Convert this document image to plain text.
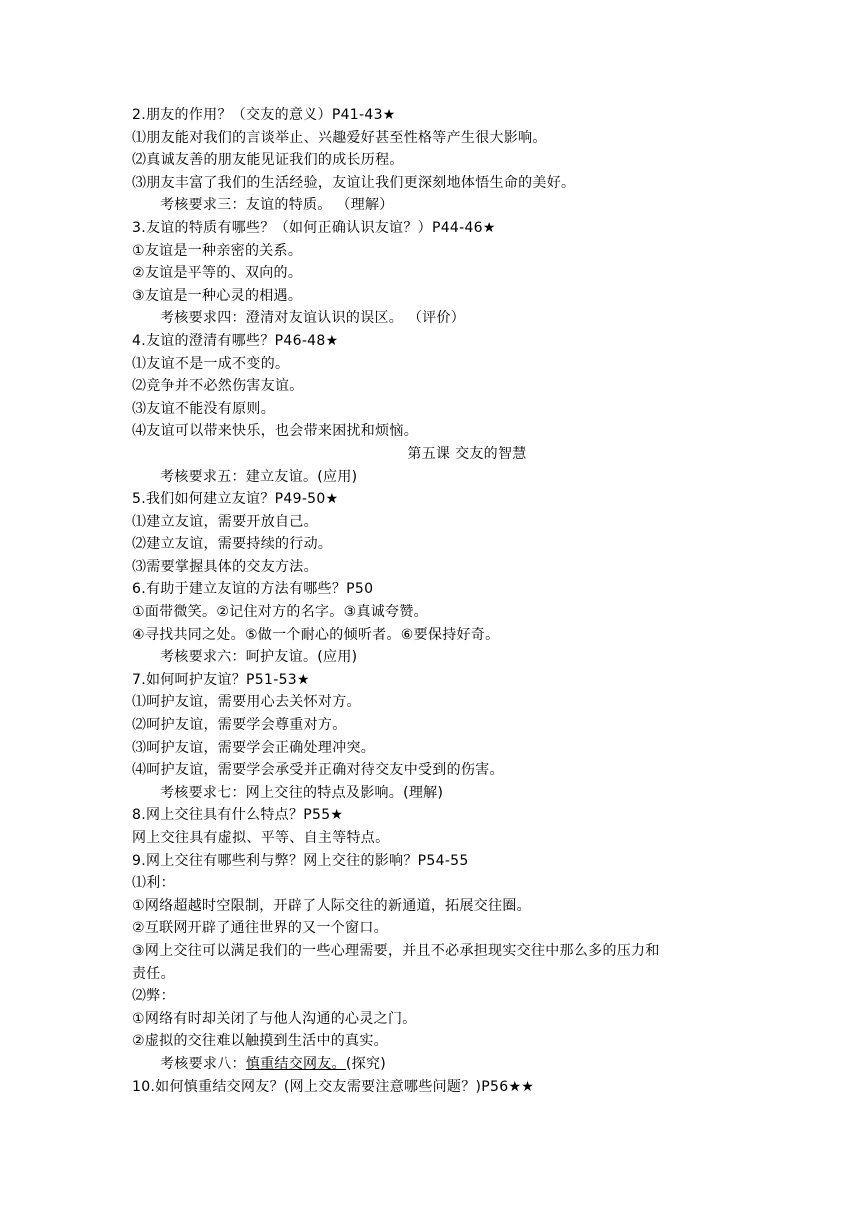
2.朋友的作用？（交友的意义）P41-43★
⑴朋友能对我们的言谈举止、兴趣爱好甚至性格等产生很大影响。
⑵真诚友善的朋友能见证我们的成长历程。
⑶朋友丰富了我们的生活经验，友谊让我们更深刻地体悟生命的美好。
考核要求三：友谊的特质。 （理解）
3.友谊的特质有哪些？（如何正确认识友谊？）P44-46★
①友谊是一种亲密的关系。
②友谊是平等的、双向的。
③友谊是一种心灵的相遇。
考核要求四：澄清对友谊认识的误区。 （评价）
4.友谊的澄清有哪些？P46-48★
⑴友谊不是一成不变的。
⑵竞争并不必然伤害友谊。
⑶友谊不能没有原则。
⑷友谊可以带来快乐，也会带来困扰和烦恼。
第五课 交友的智慧
考核要求五：建立友谊。(应用)
5.我们如何建立友谊？P49-50★
⑴建立友谊，需要开放自己。
⑵建立友谊，需要持续的行动。
⑶需要掌握具体的交友方法。
6.有助于建立友谊的方法有哪些？P50
①面带微笑。②记住对方的名字。③真诚夸赞。
④寻找共同之处。⑤做一个耐心的倾听者。⑥要保持好奇。
考核要求六：呵护友谊。(应用)
7.如何呵护友谊？P51-53★
⑴呵护友谊，需要用心去关怀对方。
⑵呵护友谊，需要学会尊重对方。
⑶呵护友谊，需要学会正确处理冲突。
⑷呵护友谊，需要学会承受并正确对待交友中受到的伤害。
考核要求七：网上交往的特点及影响。(理解)
8.网上交往具有什么特点？P55★
网上交往具有虚拟、平等、自主等特点。
9.网上交往有哪些利与弊？网上交往的影响？P54-55
⑴利：
①网络超越时空限制，开辟了人际交往的新通道，拓展交往圈。
②互联网开辟了通往世界的又一个窗口。
③网上交往可以满足我们的一些心理需要，并且不必承担现实交往中那么多的压力和
责任。
⑵弊：
①网络有时却关闭了与他人沟通的心灵之门。
②虚拟的交往难以触摸到生活中的真实。
考核要求八：慎重结交网友。(探究)
10.如何慎重结交网友？(网上交友需要注意哪些问题？)P56★★
